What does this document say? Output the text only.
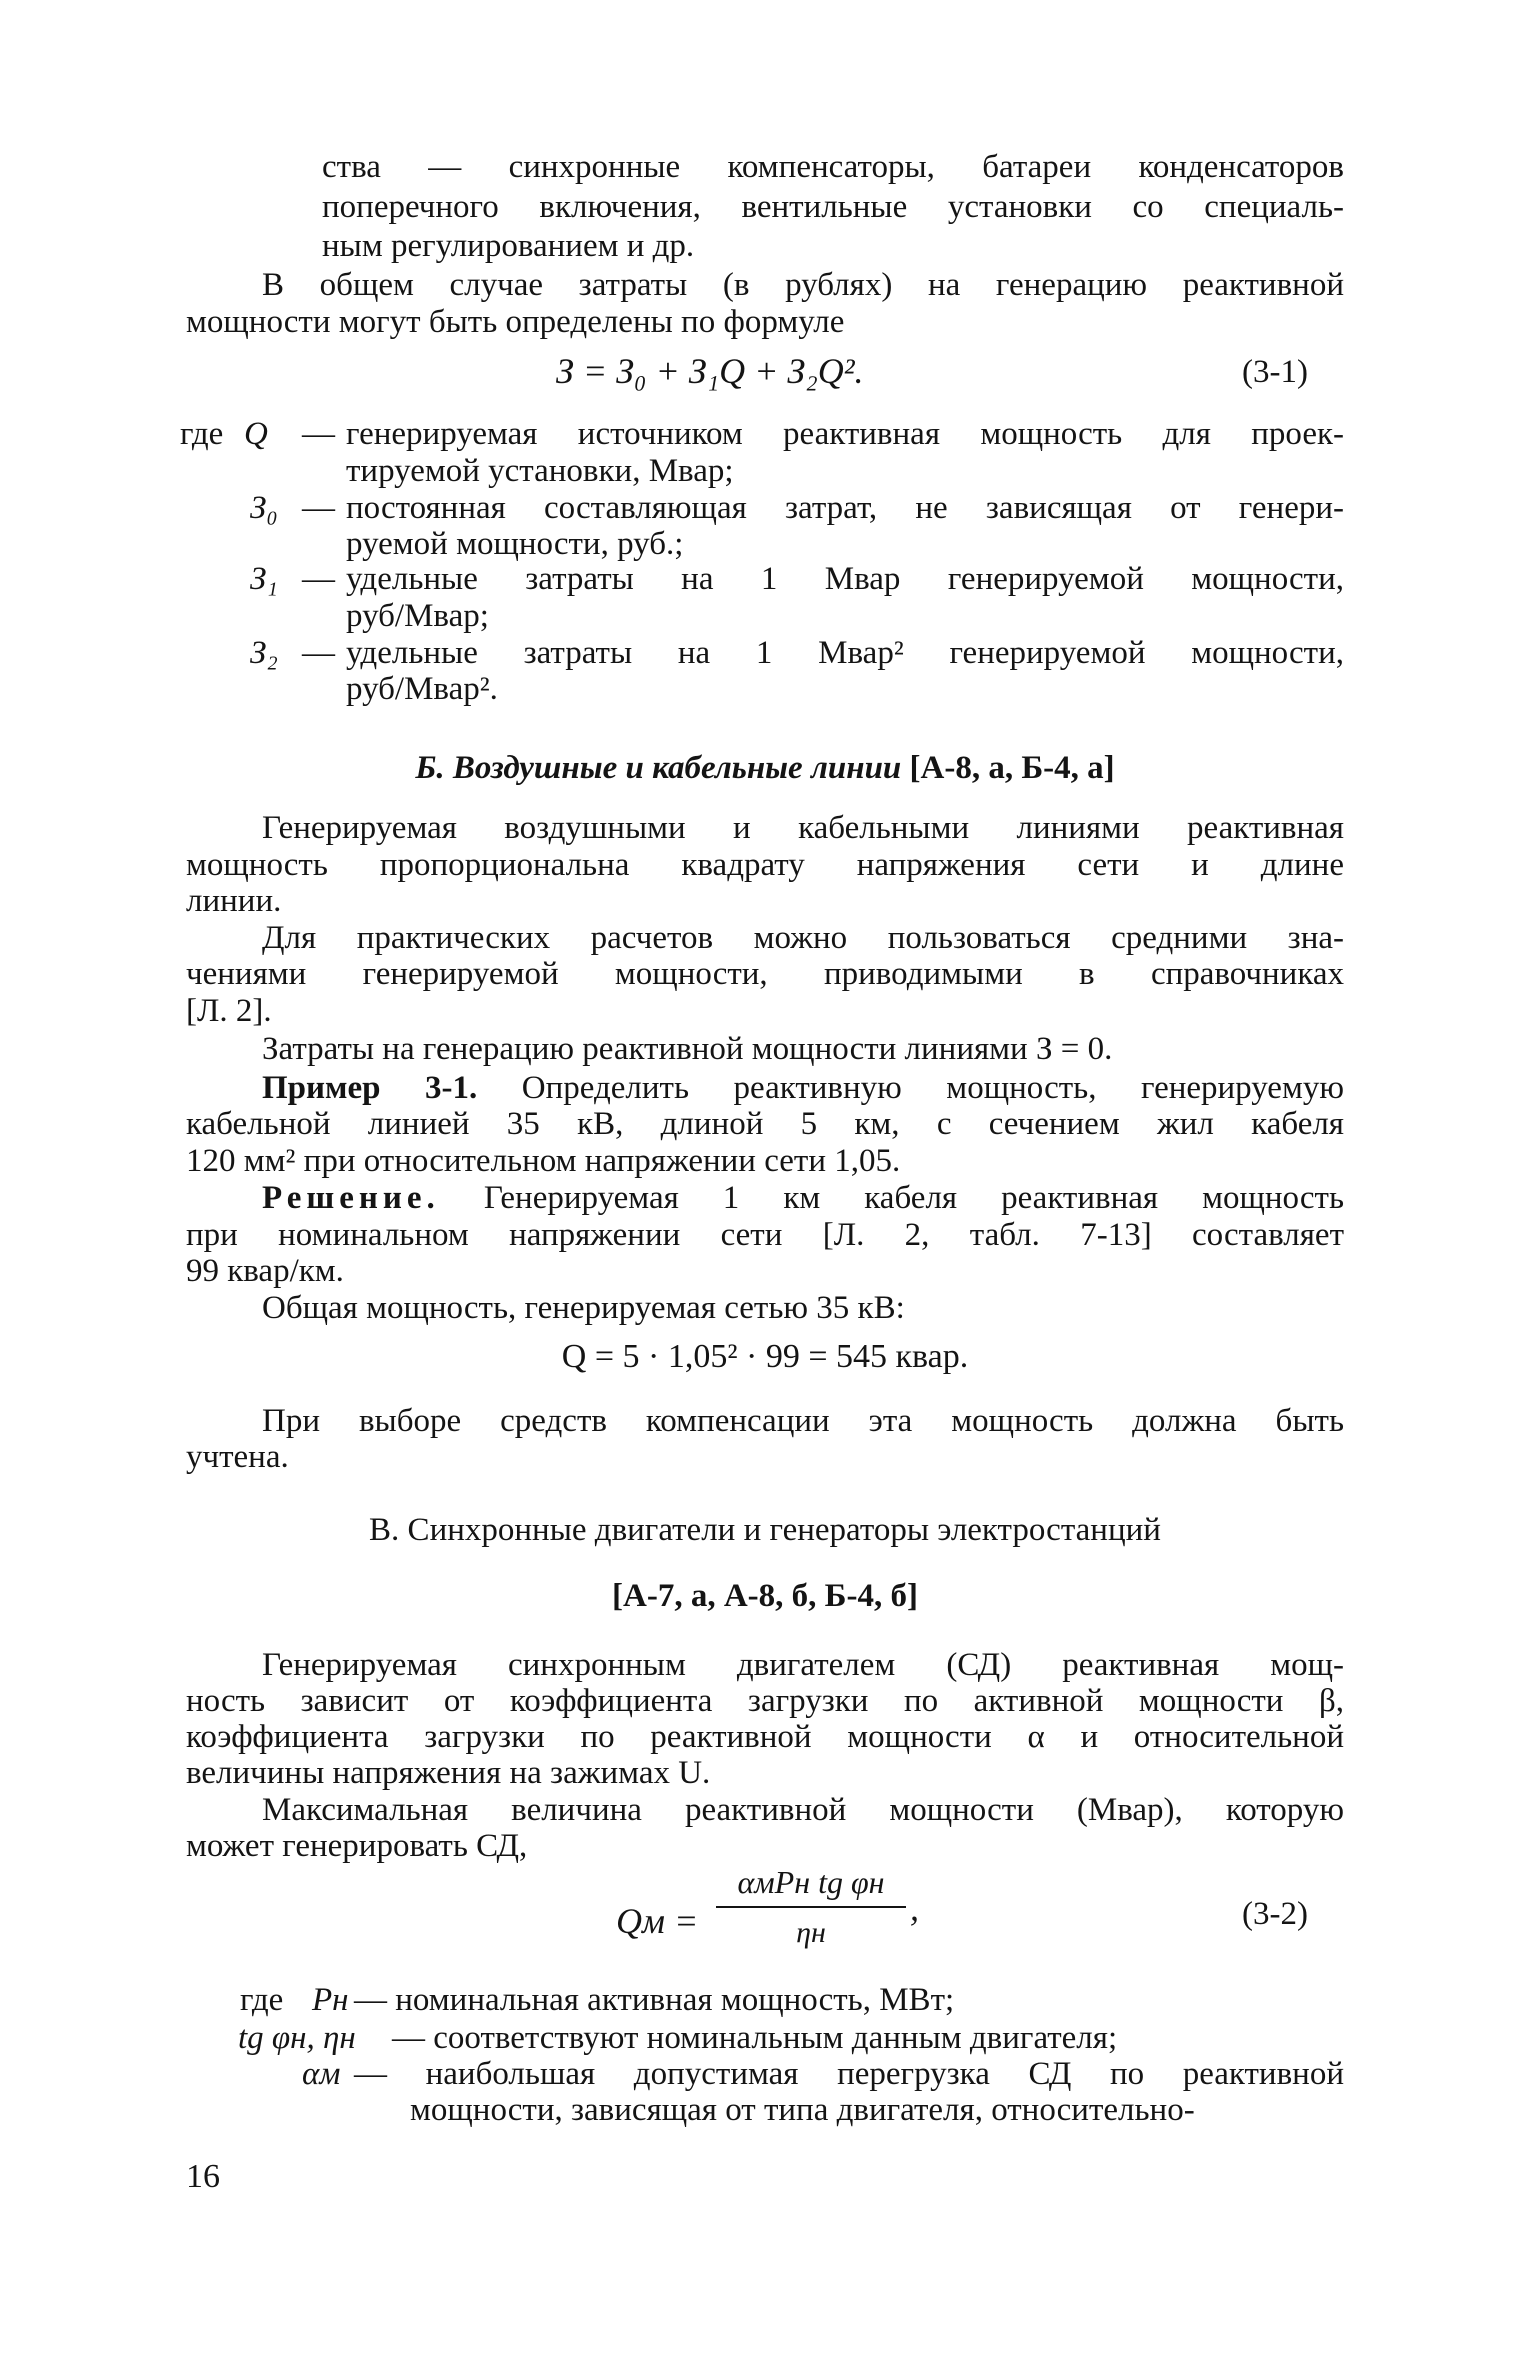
ства — синхронные компенсаторы, батареи конденсаторов
поперечного включения, вентильные установки со специаль-
ным регулированием и др.
В общем случае затраты (в рублях) на генерацию реактивной
мощности могут быть определены по формуле
З = З₀ + З₁Q + З₂Q².	(3-1)
где Q — генерируемая источником реактивная мощность для проек-
тируемой установки, Мвар;
З₀ — постоянная составляющая затрат, не зависящая от генери-
руемой мощности, руб.;
З₁ — удельные затраты на 1 Мвар генерируемой мощности,
руб/Мвар;
З₂ — удельные затраты на 1 Мвар² генерируемой мощности,
руб/Мвар².
Б. Воздушные и кабельные линии [А-8, а, Б-4, а]
Генерируемая воздушными и кабельными линиями реактивная
мощность пропорциональна квадрату напряжения сети и длине
линии.
Для практических расчетов можно пользоваться средними зна-
чениями генерируемой мощности, приводимыми в справочниках
[Л. 2].
Затраты на генерацию реактивной мощности линиями З = 0.
Пример 3-1. Определить реактивную мощность, генерируемую
кабельной линией 35 кВ, длиной 5 км, с сечением жил кабеля
120 мм² при относительном напряжении сети 1,05.
Решение. Генерируемая 1 км кабеля реактивная мощность
при номинальном напряжении сети [Л. 2, табл. 7-13] составляет
99 квар/км.
Общая мощность, генерируемая сетью 35 кВ:
Q = 5 · 1,05² · 99 = 545 квар.
При выборе средств компенсации эта мощность должна быть
учтена.
В. Синхронные двигатели и генераторы электростанций
[А-7, а, А-8, б, Б-4, б]
Генерируемая синхронным двигателем (СД) реактивная мощ-
ность зависит от коэффициента загрузки по активной мощности β,
коэффициента загрузки по реактивной мощности α и относительной
величины напряжения на зажимах U.
Максимальная величина реактивной мощности (Мвар), которую
может генерировать СД,
Qм =
αмPн tg φн
ηн
,	(3-2)
где Pн — номинальная активная мощность, МВт;
tg φн, ηн — соответствуют номинальным данным двигателя;
αм — наибольшая допустимая перегрузка СД по реактивной
мощности, зависящая от типа двигателя, относительно-
16
